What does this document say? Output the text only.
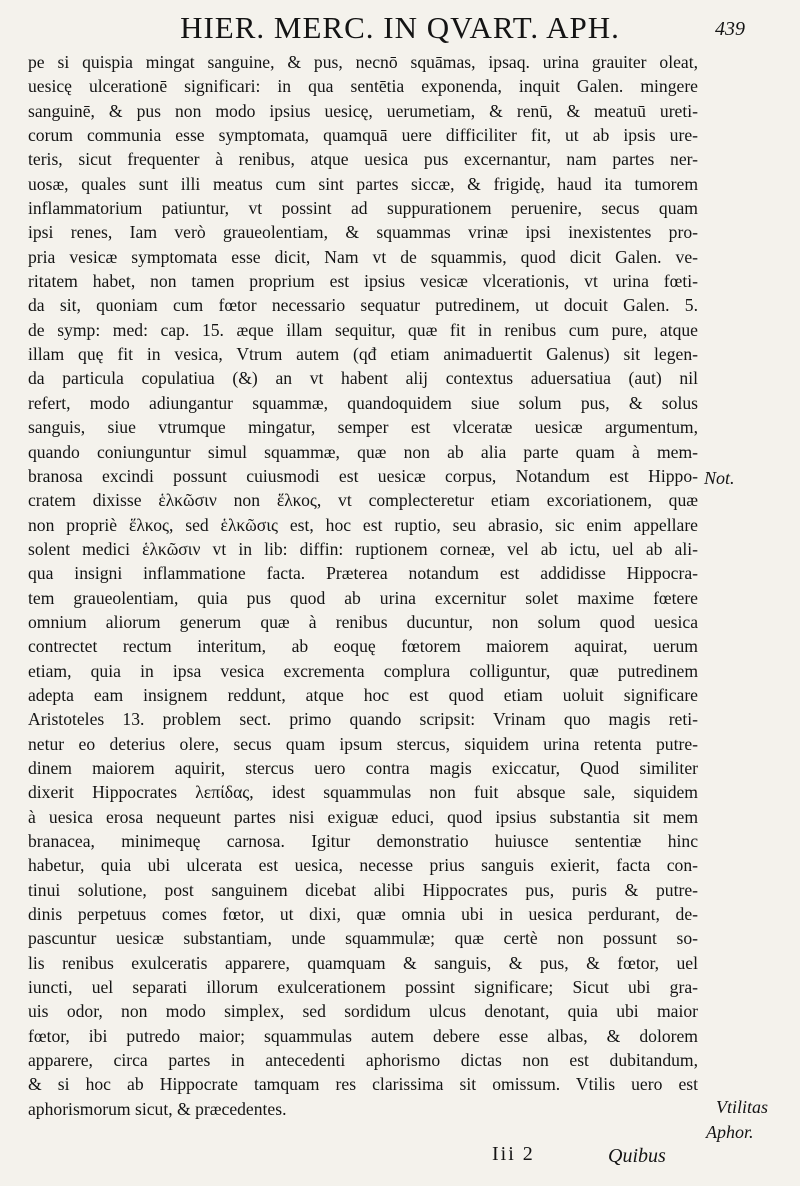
HIER. MERC. IN QVART. APH.	439
pe si quispia mingat sanguine, & pus, necnō squāmas, ipsaq. urina grauiter oleat,
uesicę ulcerationē significari: in qua sentētia exponenda, inquit Galen. mingere
sanguinē, & pus non modo ipsius uesicę, uerumetiam, & renū, & meatuū ureti-
corum communia esse symptomata, quamquā uere difficiliter fit, ut ab ipsis ure-
teris, sicut frequenter à renibus, atque uesica pus excernantur, nam partes ner-
uosæ, quales sunt illi meatus cum sint partes siccæ, & frigidę, haud ita tumorem
inflammatorium patiuntur, vt possint ad suppurationem peruenire, secus quam
ipsi renes, Iam verò graueolentiam, & squammas vrinæ ipsi inexistentes pro-
pria vesicæ symptomata esse dicit, Nam vt de squammis, quod dicit Galen. ve-
ritatem habet, non tamen proprium est ipsius vesicæ vlcerationis, vt urina fœti-
da sit, quoniam cum fœtor necessario sequatur putredinem, ut docuit Galen. 5.
de symp: med: cap. 15. æque illam sequitur, quæ fit in renibus cum pure, atque
illam quę fit in vesica, Vtrum autem (qđ etiam animaduertit Galenus) sit legen-
da particula copulatiua (&) an vt habent alij contextus aduersatiua (aut) nil
refert, modo adiungantur squammæ, quandoquidem siue solum pus, & solus
sanguis, siue vtrumque mingatur, semper est vlceratæ uesicæ argumentum,
quando coniunguntur simul squammæ, quæ non ab alia parte quam à mem-
branosa excindi possunt cuiusmodi est uesicæ corpus, Notandum est Hippo-
cratem dixisse ἑλκῶσιν non ἕλκος, vt complecteretur etiam excoriationem, quæ
non propriè ἕλκος, sed ἑλκῶσις est, hoc est ruptio, seu abrasio, sic enim appellare
solent medici ἑλκῶσιν vt in lib: diffin: ruptionem corneæ, vel ab ictu, uel ab ali-
qua insigni inflammatione facta. Præterea notandum est addidisse Hippocra-
tem graueolentiam, quia pus quod ab urina excernitur solet maxime fœtere
omnium aliorum generum quæ à renibus ducuntur, non solum quod uesica
contrectet rectum interitum, ab eoquę fœtorem maiorem aquirat, uerum
etiam, quia in ipsa vesica excrementa complura colliguntur, quæ putredinem
adepta eam insignem reddunt, atque hoc est quod etiam uoluit significare
Aristoteles 13. problem sect. primo quando scripsit: Vrinam quo magis reti-
netur eo deterius olere, secus quam ipsum stercus, siquidem urina retenta putre-
dinem maiorem aquirit, stercus uero contra magis exiccatur, Quod similiter
dixerit Hippocrates λεπίδας, idest squammulas non fuit absque sale, siquidem
à uesica erosa nequeunt partes nisi exiguæ educi, quod ipsius substantia sit mem
branacea, minimequę carnosa. Igitur demonstratio huiusce sententiæ hinc
habetur, quia ubi ulcerata est uesica, necesse prius sanguis exierit, facta con-
tinui solutione, post sanguinem dicebat alibi Hippocrates pus, puris & putre-
dinis perpetuus comes fœtor, ut dixi, quæ omnia ubi in uesica perdurant, de-
pascuntur uesicæ substantiam, unde squammulæ; quæ certè non possunt so-
lis renibus exulceratis apparere, quamquam & sanguis, & pus, & fœtor, uel
iuncti, uel separati illorum exulcerationem possint significare; Sicut ubi gra-
uis odor, non modo simplex, sed sordidum ulcus denotant, quia ubi maior
fœtor, ibi putredo maior; squammulas autem debere esse albas, & dolorem
apparere, circa partes in antecedenti aphorismo dictas non est dubitandum,
& si hoc ab Hippocrate tamquam res clarissima sit omissum. Vtilis uero est
aphorismorum sicut, & præcedentes.
Not.
Vtilitas
Aphor.
Iii 2	Quibus
